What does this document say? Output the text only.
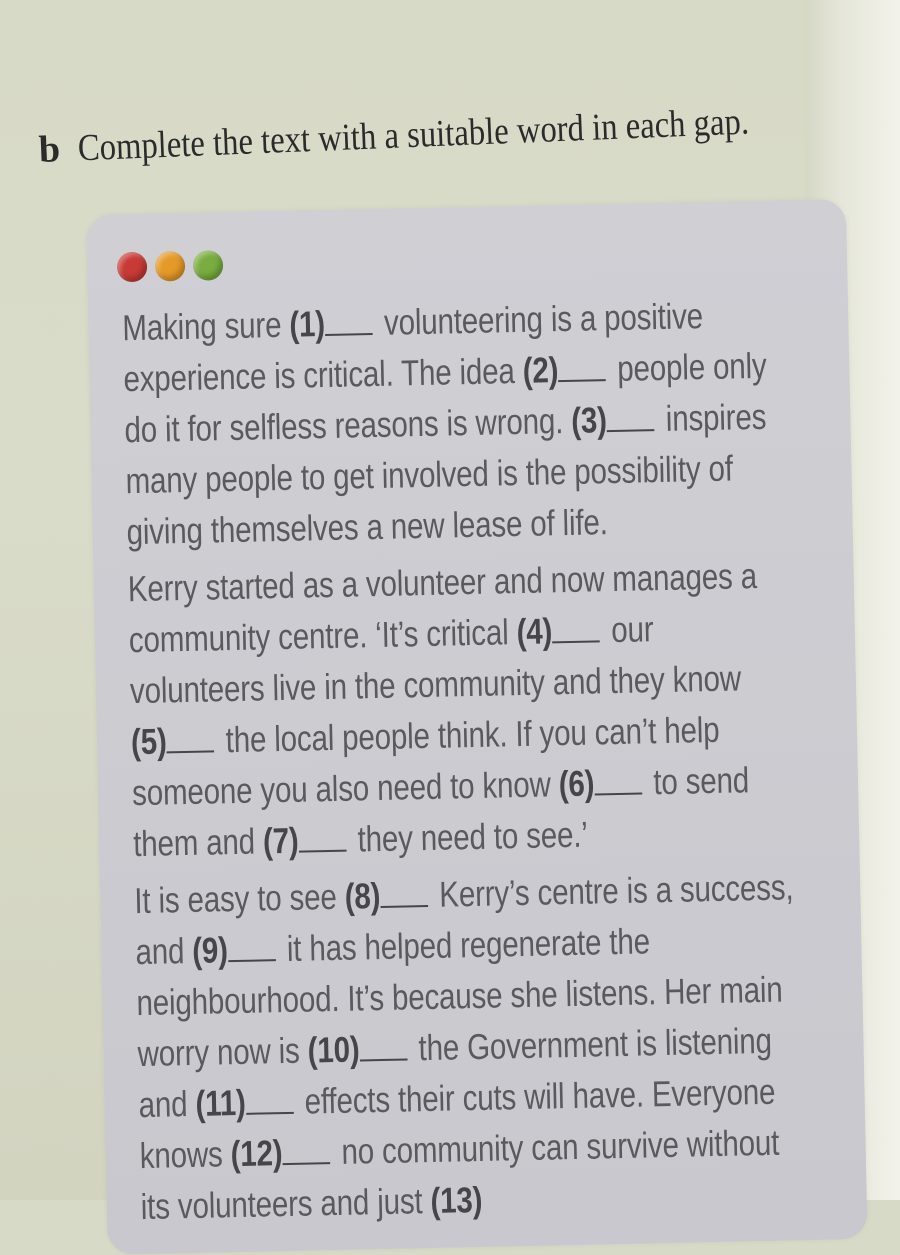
b Complete the text with a suitable word in each gap.
Making sure (1) volunteering is a positive
experience is critical. The idea (2) people only
do it for selfless reasons is wrong. (3) inspires
many people to get involved is the possibility of
giving themselves a new lease of life.
Kerry started as a volunteer and now manages a
community centre. ‘It’s critical (4) our
volunteers live in the community and they know
(5) the local people think. If you can’t help
someone you also need to know (6) to send
them and (7) they need to see.’
It is easy to see (8) Kerry’s centre is a success,
and (9) it has helped regenerate the
neighbourhood. It’s because she listens. Her main
worry now is (10) the Government is listening
and (11) effects their cuts will have. Everyone
knows (12) no community can survive without
its volunteers and just (13)
